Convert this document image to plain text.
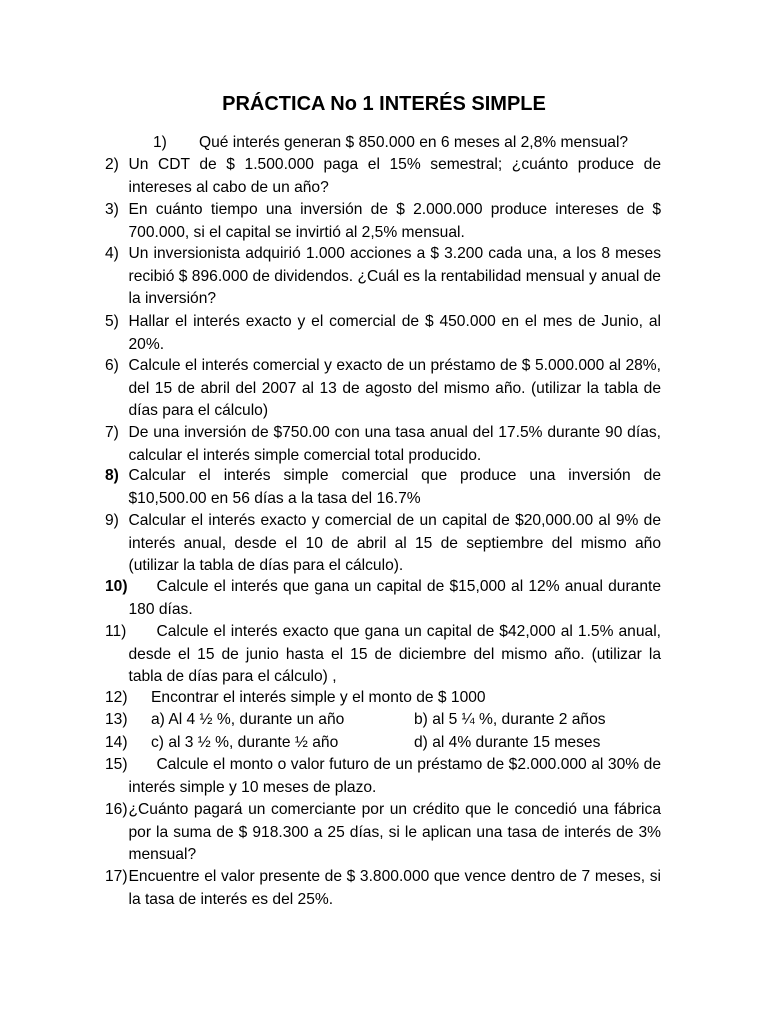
PRÁCTICA No 1 INTERÉS SIMPLE
1) Qué interés generan $ 850.000 en 6 meses al 2,8% mensual?
2) Un CDT de $ 1.500.000 paga el 15% semestral; ¿cuánto produce de intereses al cabo de un año?
3) En cuánto tiempo una inversión de $ 2.000.000 produce intereses de $ 700.000, si el capital se invirtió al 2,5% mensual.
4) Un inversionista adquirió 1.000 acciones a $ 3.200 cada una, a los 8 meses recibió $ 896.000 de dividendos. ¿Cuál es la rentabilidad mensual y anual de la inversión?
5) Hallar el interés exacto y el comercial de $ 450.000 en el mes de Junio, al 20%.
6) Calcule el interés comercial y exacto de un préstamo de $ 5.000.000 al 28%, del 15 de abril del 2007 al 13 de agosto del mismo año. (utilizar la tabla de días para el cálculo)
7) De una inversión de $750.00 con una tasa anual del 17.5% durante 90 días, calcular el interés simple comercial total producido.
8) Calcular el interés simple comercial que produce una inversión de $10,500.00 en 56 días a la tasa del 16.7%
9) Calcular el interés exacto y comercial de un capital de $20,000.00 al 9% de interés anual, desde el 10 de abril al 15 de septiembre del mismo año (utilizar la tabla de días para el cálculo).
10)	Calcule el interés que gana un capital de $15,000 al 12% anual durante 180 días.
11)	Calcule el interés exacto que gana un capital de $42,000 al 1.5% anual, desde el 15 de junio hasta el 15 de diciembre del mismo año. (utilizar la tabla de días para el cálculo) ,
12) Encontrar el interés simple y el monto de $ 1000
13) a) Al 4 ½ %, durante un año	b) al 5 ¼ %, durante 2 años
14) c) al 3 ½ %, durante ½ año	d) al 4% durante 15 meses
15)	Calcule el monto o valor futuro de un préstamo de $2.000.000 al 30% de interés simple y 10 meses de plazo.
16) ¿Cuánto pagará un comerciante por un crédito que le concedió una fábrica por la suma de $ 918.300 a 25 días, si le aplican una tasa de interés de 3% mensual?
17) Encuentre el valor presente de $ 3.800.000 que vence dentro de 7 meses, si la tasa de interés es del 25%.
